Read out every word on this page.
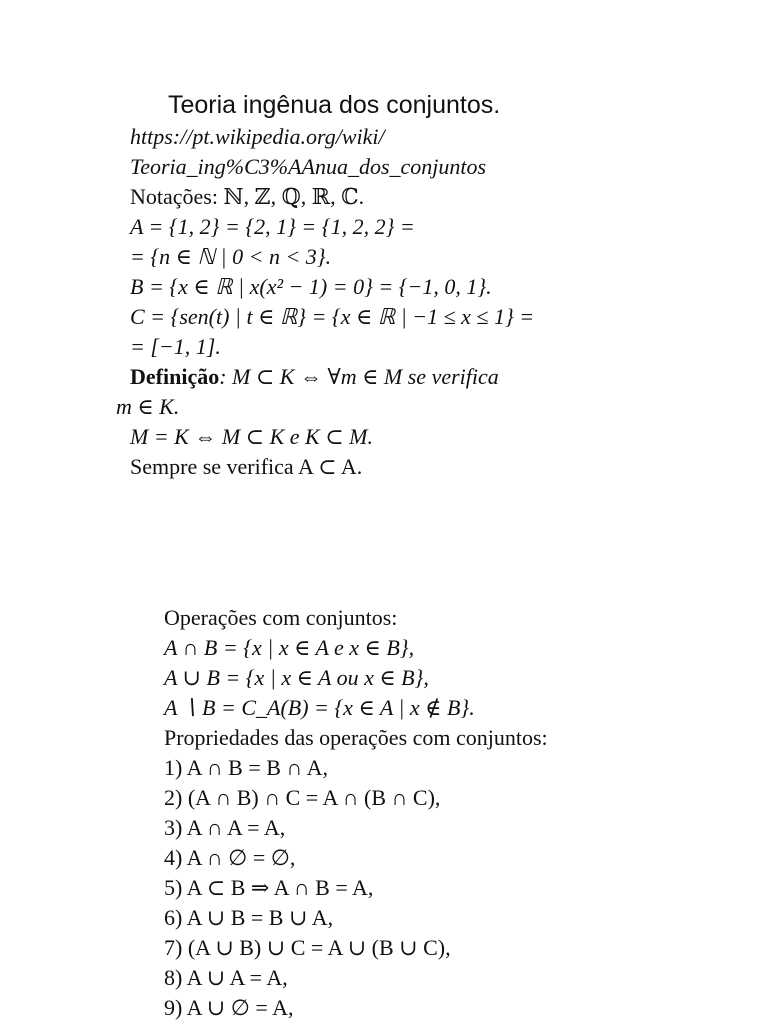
Teoria ingênua dos conjuntos.
https://pt.wikipedia.org/wiki/
Teoria_ing%C3%AAnua_dos_conjuntos
Notações: ℕ, ℤ, ℚ, ℝ, ℂ.
A = {1, 2} = {2, 1} = {1, 2, 2} =
= {n ∈ ℕ | 0 < n < 3}.
B = {x ∈ ℝ | x(x² − 1) = 0} = {−1, 0, 1}.
C = {sen(t) | t ∈ ℝ} = {x ∈ ℝ | −1 ≤ x ≤ 1} =
= [−1, 1].
Definição: M ⊂ K ⇔ ∀m ∈ M se verifica
m ∈ K.
M = K ⇔ M ⊂ K e K ⊂ M.
Sempre se verifica A ⊂ A.
Operações com conjuntos:
A ∩ B = {x | x ∈ A e x ∈ B},
A ∪ B = {x | x ∈ A ou x ∈ B},
A ∖ B = C_A(B) = {x ∈ A | x ∉ B}.
Propriedades das operações com conjuntos:
1) A ∩ B = B ∩ A,
2) (A ∩ B) ∩ C = A ∩ (B ∩ C),
3) A ∩ A = A,
4) A ∩ ∅ = ∅,
5) A ⊂ B ⇒ A ∩ B = A,
6) A ∪ B = B ∪ A,
7) (A ∪ B) ∪ C = A ∪ (B ∪ C),
8) A ∪ A = A,
9) A ∪ ∅ = A,
